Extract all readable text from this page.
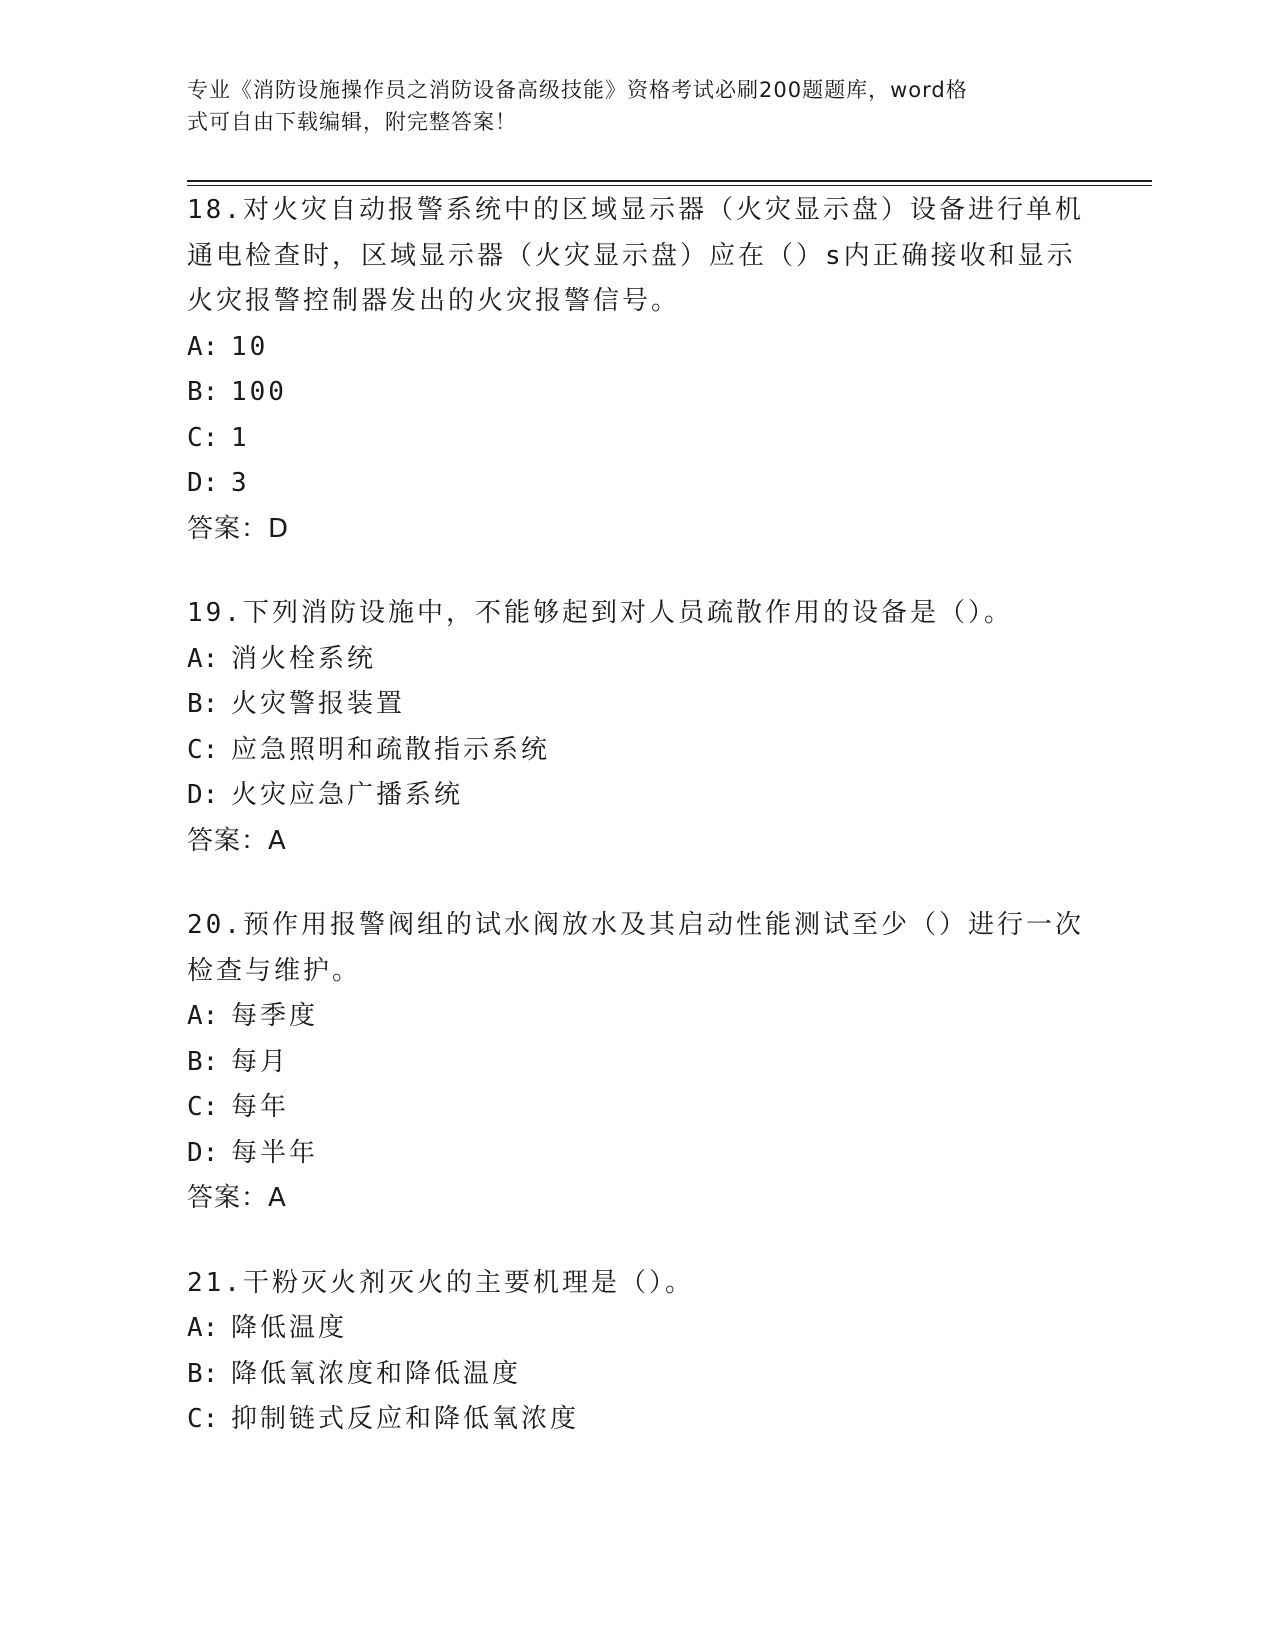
专业《消防设施操作员之消防设备高级技能》资格考试必刷200题题库，word格
式可自由下载编辑，附完整答案！
18.对火灾自动报警系统中的区域显示器（火灾显示盘）设备进行单机
通电检查时，区域显示器（火灾显示盘）应在（）s内正确接收和显示
火灾报警控制器发出的火灾报警信号。
A: 10
B: 100
C: 1
D: 3
答案：D
19.下列消防设施中，不能够起到对人员疏散作用的设备是（）。
A: 消火栓系统
B: 火灾警报装置
C: 应急照明和疏散指示系统
D: 火灾应急广播系统
答案：A
20.预作用报警阀组的试水阀放水及其启动性能测试至少（）进行一次
检查与维护。
A: 每季度
B: 每月
C: 每年
D: 每半年
答案：A
21.干粉灭火剂灭火的主要机理是（）。
A: 降低温度
B: 降低氧浓度和降低温度
C: 抑制链式反应和降低氧浓度
